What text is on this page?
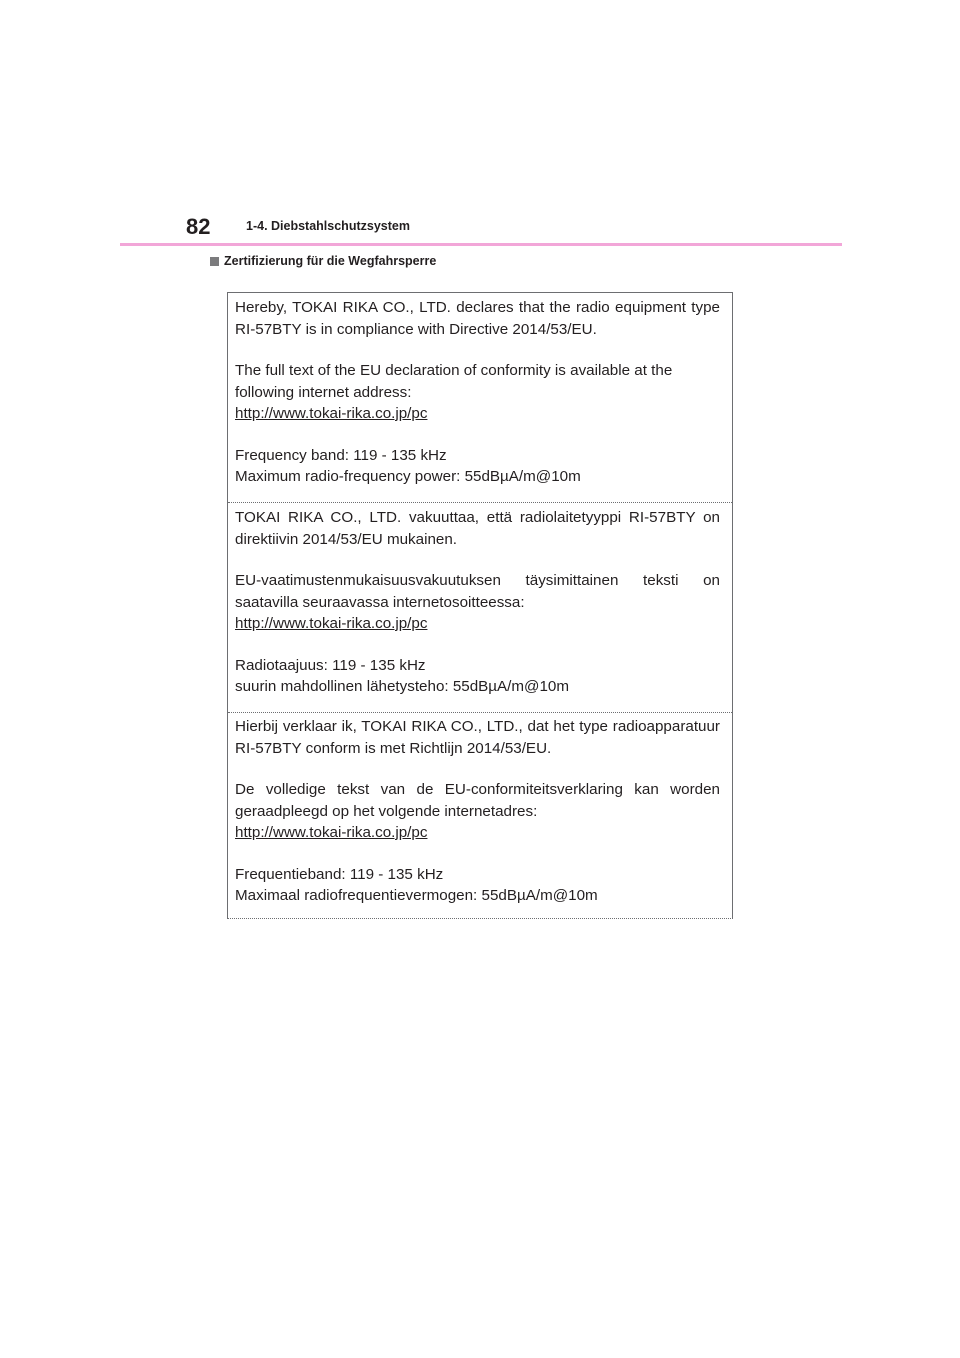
82	1-4. Diebstahlschutzsystem
Zertifizierung für die Wegfahrsperre

Hereby, TOKAI RIKA CO., LTD. declares that the radio equipment type RI-57BTY is in compliance with Directive 2014/53/EU.

The full text of the EU declaration of conformity is available at the following internet address:

http://www.tokai-rika.co.jp/pc

Frequency band: 119 - 135 kHz

Maximum radio-frequency power: 55dBµA/m@10m

TOKAI RIKA CO., LTD. vakuuttaa, että radiolaitetyyppi RI-57BTY on direktiivin 2014/53/EU mukainen.

EU-vaatimustenmukaisuusvakuutuksen täysimittainen teksti on saatavilla seuraavassa internetosoitteessa:

http://www.tokai-rika.co.jp/pc

Radiotaajuus: 119 - 135 kHz

suurin mahdollinen lähetysteho: 55dBµA/m@10m

Hierbij verklaar ik, TOKAI RIKA CO., LTD., dat het type radioapparatuur RI-57BTY conform is met Richtlijn 2014/53/EU.

De volledige tekst van de EU-conformiteitsverklaring kan worden geraadpleegd op het volgende internetadres:

http://www.tokai-rika.co.jp/pc

Frequentieband: 119 - 135 kHz

Maximaal radiofrequentievermogen: 55dBµA/m@10m
